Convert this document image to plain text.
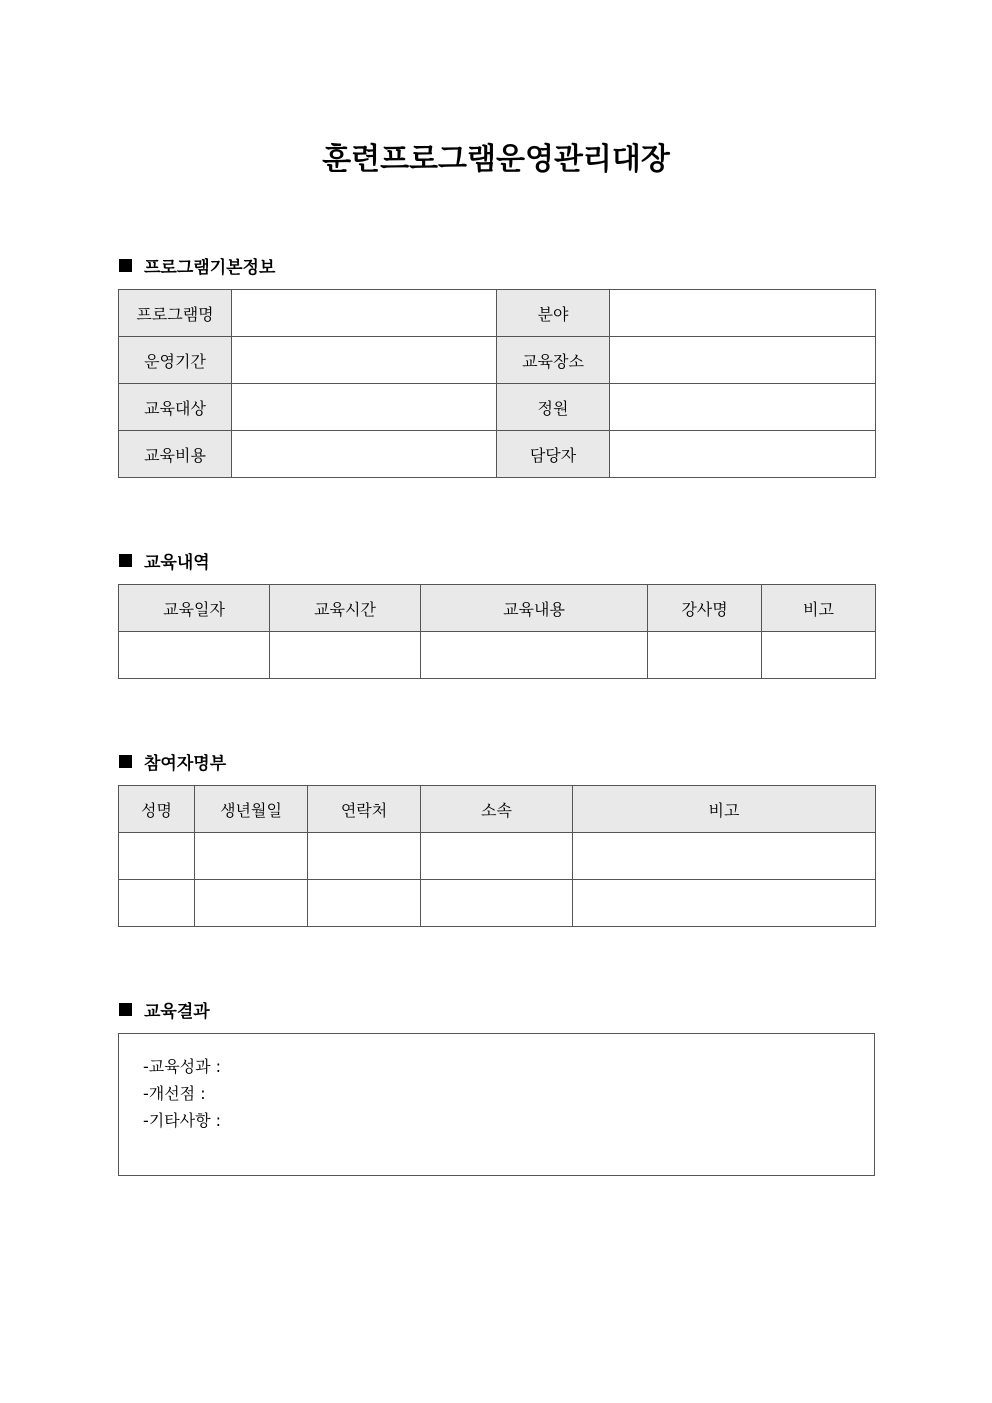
훈련프로그램운영관리대장
프로그램기본정보
프로그램명		분야	
운영기간		교육장소	
교육대상		정원	
교육비용		담당자	
교육내역
교육일자	교육시간	교육내용	강사명	비고

참여자명부
성명	생년월일	연락처	소속	비고

교육결과
-교육성과 :
-개선점 :
-기타사항 :
